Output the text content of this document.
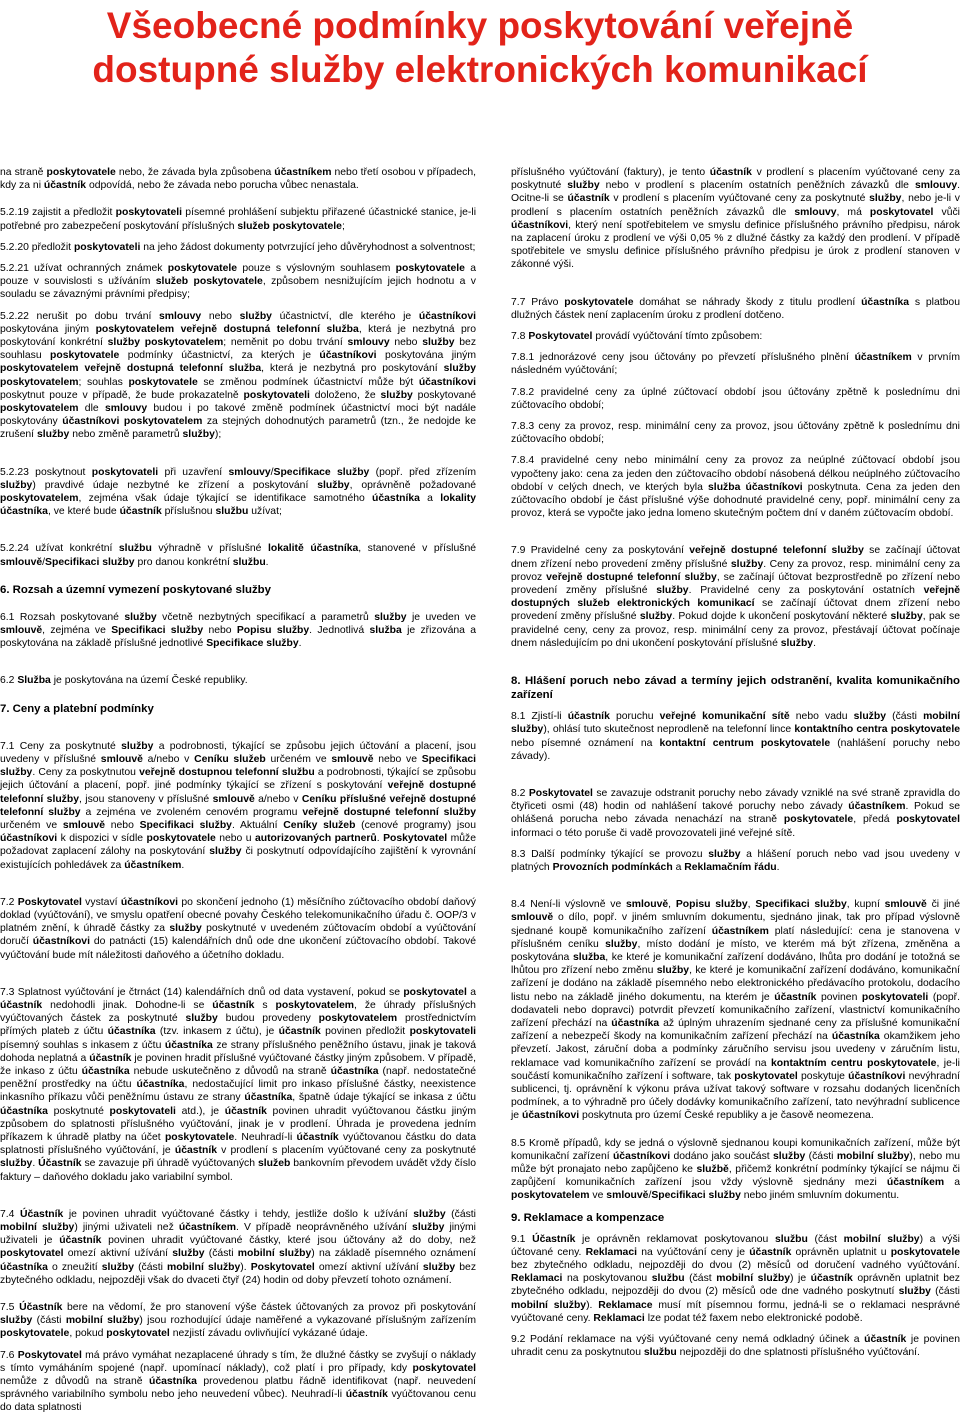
Všeobecné podmínky poskytování veřejně
dostupné služby elektronických komunikací

na straně poskytovatele nebo, že závada byla způsobena účastníkem nebo třetí osobou v případech, kdy za ni účastník odpovídá, nebo že závada nebo porucha vůbec nenastala.

5.2.19 zajistit a předložit poskytovateli písemné prohlášení subjektu přiřazené účastnické stanice, je-li potřebné pro zabezpečení poskytování příslušných služeb poskytovatele;

5.2.20 předložit poskytovateli na jeho žádost dokumenty potvrzující jeho důvěryhodnost a solventnost;

5.2.21 užívat ochranných známek poskytovatele pouze s výslovným souhlasem poskytovatele a pouze v souvislosti s užíváním služeb poskytovatele, způsobem nesnižujícím jejich hodnotu a v souladu se závaznými právními předpisy;

5.2.22 nerušit po dobu trvání smlouvy nebo služby účastnictví, dle kterého je účastníkovi poskytována jiným poskytovatelem veřejně dostupná telefonní služba, která je nezbytná pro poskytování konkrétní služby poskytovatelem; neměnit po dobu trvání smlouvy nebo služby bez souhlasu poskytovatele podmínky účastnictví, za kterých je účastníkovi poskytována jiným poskytovatelem veřejně dostupná telefonní služba, která je nezbytná pro poskytování služby poskytovatelem; souhlas poskytovatele se změnou podmínek účastnictví může být účastníkovi poskytnut pouze v případě, že bude prokazatelně poskytovateli doloženo, že služby poskytované poskytovatelem dle smlouvy budou i po takové změně podmínek účastnictví moci být nadále poskytovány účastníkovi poskytovatelem za stejných dohodnutých parametrů (tzn., že nedojde ke zrušení služby nebo změně parametrů služby);

5.2.23 poskytnout poskytovateli při uzavření smlouvy/Specifikace služby (popř. před zřízením služby) pravdivé údaje nezbytné ke zřízení a poskytování služby, oprávněně požadované poskytovatelem, zejména však údaje týkající se identifikace samotného účastníka a lokality účastníka, ve které bude účastník příslušnou službu užívat;

5.2.24 užívat konkrétní službu výhradně v příslušné lokalitě účastníka, stanovené v příslušné smlouvě/Specifikaci služby pro danou konkrétní službu.

6. Rozsah a územní vymezení poskytované služby

6.1 Rozsah poskytované služby včetně nezbytných specifikací a parametrů služby je uveden ve smlouvě, zejména ve Specifikaci služby nebo Popisu služby. Jednotlivá služba je zřizována a poskytována na základě příslušné jednotlivé Specifikace služby.

6.2 Služba je poskytována na území České republiky.

7. Ceny a platební podmínky

7.1 Ceny za poskytnuté služby a podrobnosti, týkající se způsobu jejich účtování a placení, jsou uvedeny v příslušné smlouvě a/nebo v Ceníku služeb určeném ve smlouvě nebo ve Specifikaci služby. Ceny za poskytnutou veřejně dostupnou telefonní službu a podrobnosti, týkající se způsobu jejich účtování a placení, popř. jiné podmínky týkající se zřízení s poskytování veřejně dostupné telefonní služby, jsou stanoveny v příslušné smlouvě a/nebo v Ceníku příslušné veřejně dostupné telefonní služby a zejména ve zvoleném cenovém programu veřejně dostupné telefonní služby určeném ve smlouvě nebo Specifikaci služby. Aktuální Ceníky služeb (cenové programy) jsou účastníkovi k dispozici v sídle poskytovatele nebo u autorizovaných partnerů. Poskytovatel může požadovat zaplacení zálohy na poskytování služby či poskytnutí odpovídajícího zajištění k vyrovnání existujících pohledávek za účastníkem.

7.2 Poskytovatel vystaví účastníkovi po skončení jednoho (1) měsíčního zúčtovacího období daňový doklad (vyúčtování), ve smyslu opatření obecné povahy Českého telekomunikačního úřadu č. OOP/3 v platném znění, k úhradě částky za služby poskytnuté v uvedeném zúčtovacím období a vyúčtování doručí účastníkovi do patnácti (15) kalendářních dnů ode dne ukončení zúčtovacího období. Takové vyúčtování bude mít náležitosti daňového a účetního dokladu.

7.3 Splatnost vyúčtování je čtrnáct (14) kalendářních dnů od data vystavení, pokud se poskytovatel a účastník nedohodli jinak. Dohodne-li se účastník s poskytovatelem, že úhrady příslušných vyúčtovaných částek za poskytnuté služby budou provedeny poskytovatelem prostřednictvím přímých plateb z účtu účastníka (tzv. inkasem z účtu), je účastník povinen předložit poskytovateli písemný souhlas s inkasem z účtu účastníka ze strany příslušného peněžního ústavu, jinak je taková dohoda neplatná a účastník je povinen hradit příslušné vyúčtované částky jiným způsobem. V případě, že inkaso z účtu účastníka nebude uskutečněno z důvodů na straně účastníka (např. nedostatečné peněžní prostředky na účtu účastníka, nedostačující limit pro inkaso příslušné částky, neexistence inkasního příkazu vůči peněžnímu ústavu ze strany účastníka, špatně údaje týkající se inkasa z účtu účastníka poskytnuté poskytovateli atd.), je účastník povinen uhradit vyúčtovanou částku jiným způsobem do splatnosti příslušného vyúčtování, jinak je v prodlení. Úhrada je provedena jedním příkazem k úhradě platby na účet poskytovatele. Neuhradí-li účastník vyúčtovanou částku do data splatnosti příslušného vyúčtování, je účastník v prodlení s placením vyúčtované ceny za poskytnuté služby. Účastník se zavazuje při úhradě vyúčtovaných služeb bankovním převodem uvádět vždy číslo faktury – daňového dokladu jako variabilní symbol.

7.4 Účastník je povinen uhradit vyúčtované částky i tehdy, jestliže došlo k užívání služby (části mobilní služby) jinými uživateli než účastníkem. V případě neoprávněného užívání služby jinými uživateli je účastník povinen uhradit vyúčtované částky, které jsou účtovány až do doby, než poskytovatel omezí aktivní užívání služby (části mobilní služby) na základě písemného oznámení účastníka o zneužití služby (části mobilní služby). Poskytovatel omezí aktivní užívání služby bez zbytečného odkladu, nejpozději však do dvaceti čtyř (24) hodin od doby převzetí tohoto oznámení.

7.5 Účastník bere na vědomí, že pro stanovení výše částek účtovaných za provoz při poskytování služby (části mobilní služby) jsou rozhodující údaje naměřené a vykazované příslušným zařízením poskytovatele, pokud poskytovatel nezjistí závadu ovlivňující vykázané údaje.

7.6 Poskytovatel má právo vymáhat nezaplacené úhrady s tím, že dlužné částky se zvyšují o náklady s tímto vymáháním spojené (např. upomínací náklady), což platí i pro případy, kdy poskytovatel nemůže z důvodů na straně účastníka provedenou platbu řádně identifikovat (např. neuvedení správného variabilního symbolu nebo jeho neuvedení vůbec). Neuhradí-li účastník vyúčtovanou cenu do data splatnosti

příslušného vyúčtování (faktury), je tento účastník v prodlení s placením vyúčtované ceny za poskytnuté služby nebo v prodlení s placením ostatních peněžních závazků dle smlouvy. Ocitne-li se účastník v prodlení s placením vyúčtované ceny za poskytnuté služby, nebo je-li v prodlení s placením ostatních peněžních závazků dle smlouvy, má poskytovatel vůči účastníkovi, který není spotřebitelem ve smyslu definice příslušného právního předpisu, nárok na zaplacení úroku z prodlení ve výši 0,05 % z dlužné částky za každý den prodlení. V případě spotřebitele ve smyslu definice příslušného právního předpisu je úrok z prodlení stanoven v zákonné výši.

7.7 Právo poskytovatele domáhat se náhrady škody z titulu prodlení účastníka s platbou dlužných částek není zaplacením úroku z prodlení dotčeno.

7.8 Poskytovatel provádí vyúčtování tímto způsobem:

7.8.1 jednorázové ceny jsou účtovány po převzetí příslušného plnění účastníkem v prvním následném vyúčtování;

7.8.2 pravidelné ceny za úplné zúčtovací období jsou účtovány zpětně k poslednímu dni zúčtovacího období;

7.8.3 ceny za provoz, resp. minimální ceny za provoz, jsou účtovány zpětně k poslednímu dni zúčtovacího období;

7.8.4 pravidelné ceny nebo minimální ceny za provoz za neúplné zúčtovací období jsou vypočteny jako: cena za jeden den zúčtovacího období násobená délkou neúplného zúčtovacího období v celých dnech, ve kterých byla služba účastníkovi poskytnuta. Cena za jeden den zúčtovacího období je část příslušné výše dohodnuté pravidelné ceny, popř. minimální ceny za provoz, která se vypočte jako jedna lomeno skutečným počtem dní v daném zúčtovacím období.

7.9 Pravidelné ceny za poskytování veřejně dostupné telefonní služby se začínají účtovat dnem zřízení nebo provedení změny příslušné služby. Ceny za provoz, resp. minimální ceny za provoz veřejně dostupné telefonní služby, se začínají účtovat bezprostředně po zřízení nebo provedení změny příslušné služby. Pravidelné ceny za poskytování ostatních veřejně dostupných služeb elektronických komunikací se začínají účtovat dnem zřízení nebo provedení změny příslušné služby. Pokud dojde k ukončení poskytování některé služby, pak se pravidelné ceny, ceny za provoz, resp. minimální ceny za provoz, přestávají účtovat počínaje dnem následujícím po dni ukončení poskytování příslušné služby.

8. Hlášení poruch nebo závad a termíny jejich odstranění, kvalita komunikačního zařízení

8.1 Zjistí-li účastník poruchu veřejné komunikační sítě nebo vadu služby (části mobilní služby), ohlásí tuto skutečnost neprodleně na telefonní lince kontaktního centra poskytovatele nebo písemné oznámení na kontaktní centrum poskytovatele (nahlášení poruchy nebo závady).

8.2 Poskytovatel se zavazuje odstranit poruchy nebo závady vzniklé na své straně zpravidla do čtyřiceti osmi (48) hodin od nahlášení takové poruchy nebo závady účastníkem. Pokud se ohlášená porucha nebo závada nenachází na straně poskytovatele, předá poskytovatel informaci o této poruše či vadě provozovateli jiné veřejné sítě.

8.3 Další podmínky týkající se provozu služby a hlášení poruch nebo vad jsou uvedeny v platných Provozních podmínkách a Reklamačním řádu.

8.4 Není-li výslovně ve smlouvě, Popisu služby, Specifikaci služby, kupní smlouvě či jiné smlouvě o dílo, popř. v jiném smluvním dokumentu, sjednáno jinak, tak pro případ výslovně sjednané koupě komunikačního zařízení účastníkem platí následující: cena je stanovena v příslušném ceníku služby, místo dodání je místo, ve kterém má být zřízena, změněna a poskytována služba, ke které je komunikační zařízení dodáváno, lhůta pro dodání je totožná se lhůtou pro zřízení nebo změnu služby, ke které je komunikační zařízení dodáváno, komunikační zařízení je dodáno na základě písemného nebo elektronického předávacího protokolu, dodacího listu nebo na základě jiného dokumentu, na kterém je účastník povinen poskytovateli (popř. dodavateli nebo dopravci) potvrdit převzetí komunikačního zařízení, vlastnictví komunikačního zařízení přechází na účastníka až úplným uhrazením sjednané ceny za příslušné komunikační zařízení a nebezpečí škody na komunikačním zařízení přechází na účastníka okamžikem jeho převzetí. Jakost, záruční doba a podmínky záručního servisu jsou uvedeny v záručním listu, reklamace vad komunikačního zařízení se provádí na kontaktním centru poskytovatele, je-li součástí komunikačního zařízení i software, tak poskytovatel poskytuje účastníkovi nevýhradní sublicenci, tj. oprávnění k výkonu práva užívat takový software v rozsahu dodaných licenčních podmínek, a to výhradně pro účely dodávky komunikačního zařízení, tato nevýhradní sublicence je účastníkovi poskytnuta pro území České republiky a je časově neomezena.

8.5 Kromě případů, kdy se jedná o výslovně sjednanou koupi komunikačních zařízení, může být komunikační zařízení účastníkovi dodáno jako součást služby (části mobilní služby), nebo mu může být pronajato nebo zapůjčeno ke službě, přičemž konkrétní podmínky týkající se nájmu či zapůjčení komunikačních zařízení jsou vždy výslovně sjednány mezi účastníkem a poskytovatelem ve smlouvě/Specifikaci služby nebo jiném smluvním dokumentu.

9. Reklamace a kompenzace

9.1 Účastník je oprávněn reklamovat poskytovanou službu (část mobilní služby) a výši účtované ceny. Reklamaci na vyúčtování ceny je účastník oprávněn uplatnit u poskytovatele bez zbytečného odkladu, nejpozději do dvou (2) měsíců od doručení vadného vyúčtování. Reklamaci na poskytovanou službu (část mobilní služby) je účastník oprávněn uplatnit bez zbytečného odkladu, nejpozději do dvou (2) měsíců ode dne vadného poskytnutí služby (části mobilní služby). Reklamace musí mít písemnou formu, jedná-li se o reklamaci nesprávné vyúčtované ceny. Reklamaci lze podat též faxem nebo elektronické podobě.

9.2 Podání reklamace na výši vyúčtované ceny nemá odkladný účinek a účastník je povinen uhradit cenu za poskytnutou službu nejpozději do dne splatnosti příslušného vyúčtování.
